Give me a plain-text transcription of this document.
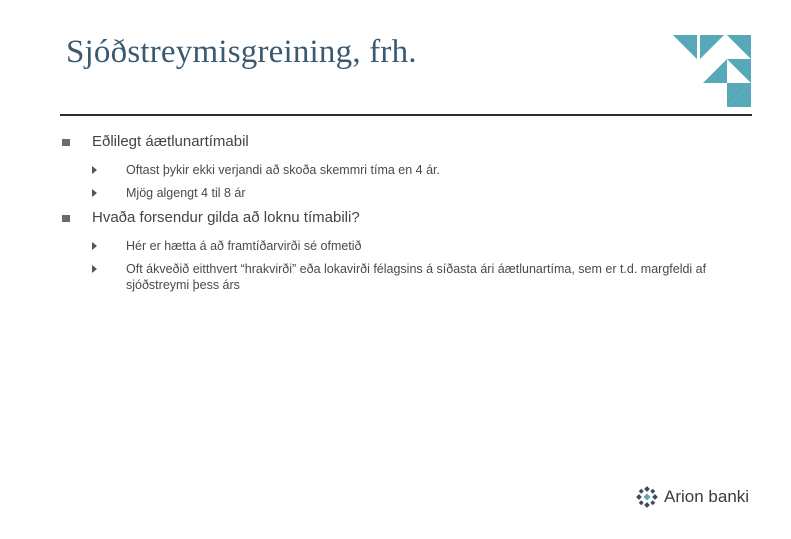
Sjóðstreymisgreining, frh.
Eðlilegt áætlunartímabil
Oftast þykir ekki verjandi að skoða skemmri tíma en 4 ár.
Mjög algengt 4 til 8 ár
Hvaða forsendur gilda að loknu tímabili?
Hér er hætta á að framtíðarvirði sé ofmetið
Oft ákveðið eitthvert “hrakvirði” eða lokavirði félagsins á síðasta ári áætlunartíma, sem er t.d. margfeldi af sjóðstreymi þess árs
Arion banki
